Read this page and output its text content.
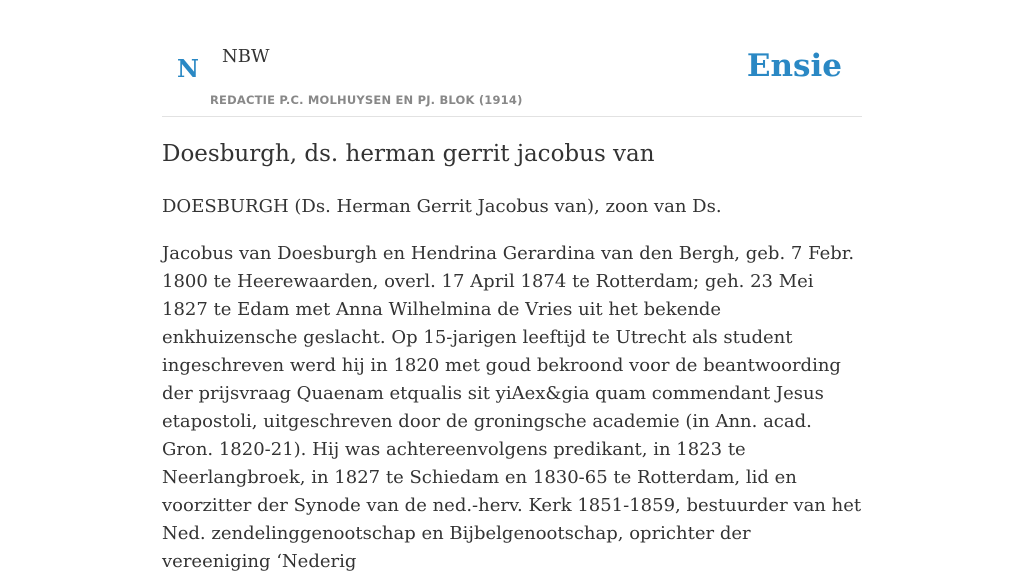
N NBW
REDACTIE P.C. MOLHUYSEN EN PJ. BLOK (1914)
Ensie
Doesburgh, ds. herman gerrit jacobus van

DOESBURGH (Ds. Herman Gerrit Jacobus van), zoon van Ds.

Jacobus van Doesburgh en Hendrina Gerardina van den Bergh, geb. 7 Febr. 1800 te Heerewaarden, overl. 17 April 1874 te Rotterdam; geh. 23 Mei 1827 te Edam met Anna Wilhelmina de Vries uit het bekende enkhuizensche geslacht. Op 15-jarigen leeftijd te Utrecht als student ingeschreven werd hij in 1820 met goud bekroond voor de beantwoording der prijsvraag Quaenam etqualis sit yiAex&gia quam commendant Jesus etapostoli, uitgeschreven door de groningsche academie (in Ann. acad. Gron. 1820-21). Hij was achtereenvolgens predikant, in 1823 te Neerlangbroek, in 1827 te Schiedam en 1830-65 te Rotterdam, lid en voorzitter der Synode van de ned.-herv. Kerk 1851-1859, bestuurder van het Ned. zendelinggenootschap en Bijbelgenootschap, oprichter der vereeniging ‘Nederig
